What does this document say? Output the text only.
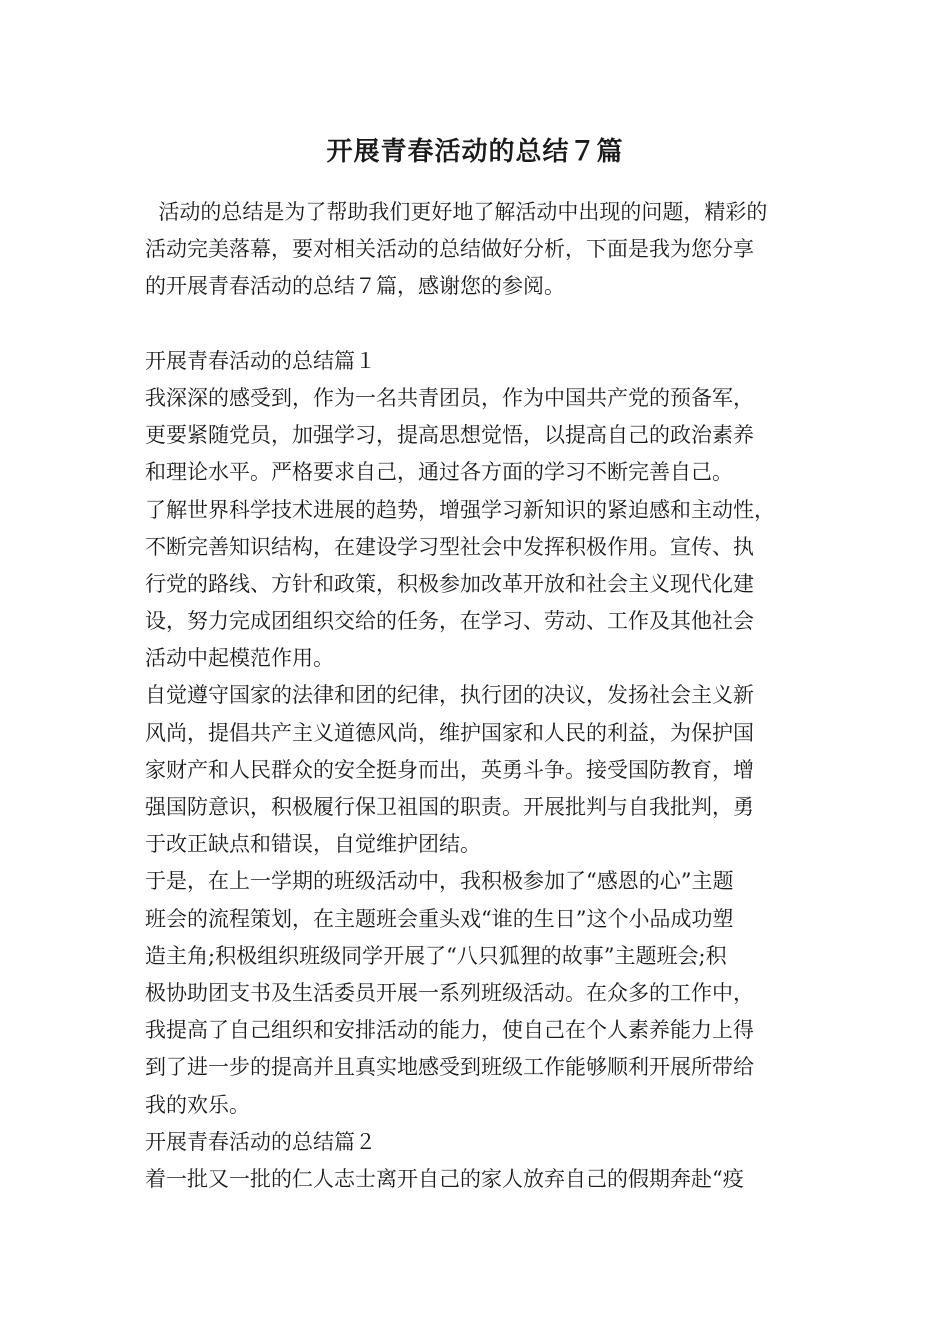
开展青春活动的总结７篇
活动的总结是为了帮助我们更好地了解活动中出现的问题，精彩的
活动完美落幕，要对相关活动的总结做好分析，下面是我为您分享
的开展青春活动的总结７篇，感谢您的参阅。
开展青春活动的总结篇１
我深深的感受到，作为一名共青团员，作为中国共产党的预备军，
更要紧随党员，加强学习，提高思想觉悟，以提高自己的政治素养
和理论水平。严格要求自己，通过各方面的学习不断完善自己。
了解世界科学技术进展的趋势，增强学习新知识的紧迫感和主动性，
不断完善知识结构，在建设学习型社会中发挥积极作用。宣传、执
行党的路线、方针和政策，积极参加改革开放和社会主义现代化建
设，努力完成团组织交给的任务，在学习、劳动、工作及其他社会
活动中起模范作用。
自觉遵守国家的法律和团的纪律，执行团的决议，发扬社会主义新
风尚，提倡共产主义道德风尚，维护国家和人民的利益，为保护国
家财产和人民群众的安全挺身而出，英勇斗争。接受国防教育，增
强国防意识，积极履行保卫祖国的职责。开展批判与自我批判，勇
于改正缺点和错误，自觉维护团结。
于是，在上一学期的班级活动中，我积极参加了“感恩的心”主题
班会的流程策划，在主题班会重头戏“谁的生日”这个小品成功塑
造主角;积极组织班级同学开展了“八只狐狸的故事”主题班会;积
极协助团支书及生活委员开展一系列班级活动。在众多的工作中，
我提高了自己组织和安排活动的能力，使自己在个人素养能力上得
到了进一步的提高并且真实地感受到班级工作能够顺利开展所带给
我的欢乐。
开展青春活动的总结篇２
着一批又一批的仁人志士离开自己的家人放弃自己的假期奔赴“疫
